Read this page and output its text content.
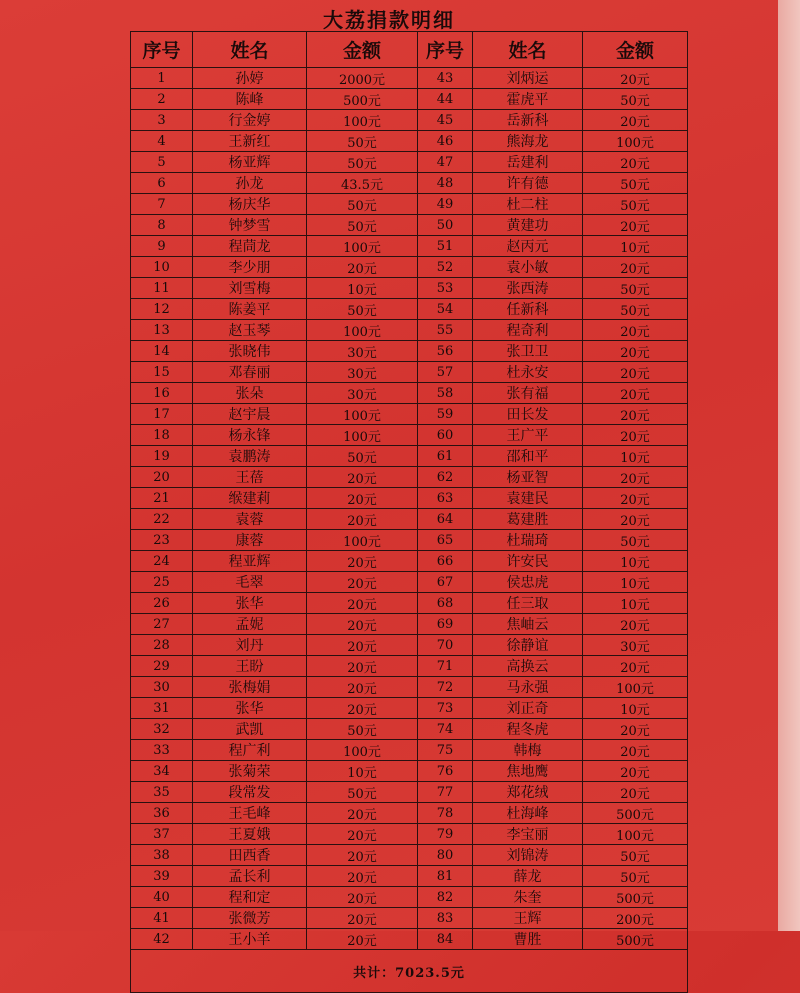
大荔捐款明细
序号	姓名	金额	序号	姓名	金额
1	孙婷	2000元	43	刘炳运	20元
2	陈峰	500元	44	霍虎平	50元
3	行金婷	100元	45	岳新科	20元
4	王新红	50元	46	熊海龙	100元
5	杨亚辉	50元	47	岳建利	20元
6	孙龙	43.5元	48	许有德	50元
7	杨庆华	50元	49	杜二柱	50元
8	钟梦雪	50元	50	黄建功	20元
9	程茼龙	100元	51	赵丙元	10元
10	李少朋	20元	52	袁小敏	20元
11	刘雪梅	10元	53	张西涛	50元
12	陈姜平	50元	54	任新科	50元
13	赵玉琴	100元	55	程奇利	20元
14	张晓伟	30元	56	张卫卫	20元
15	邓春丽	30元	57	杜永安	20元
16	张朵	30元	58	张有福	20元
17	赵宇晨	100元	59	田长发	20元
18	杨永锋	100元	60	王广平	20元
19	袁鹏涛	50元	61	邵和平	10元
20	王蓓	20元	62	杨亚智	20元
21	缑建莉	20元	63	袁建民	20元
22	袁蓉	20元	64	葛建胜	20元
23	康蓉	100元	65	杜瑞琦	50元
24	程亚辉	20元	66	许安民	10元
25	毛翠	20元	67	侯忠虎	10元
26	张华	20元	68	任三取	10元
27	孟妮	20元	69	焦岫云	20元
28	刘丹	20元	70	徐静谊	30元
29	王盼	20元	71	高换云	20元
30	张梅娟	20元	72	马永强	100元
31	张华	20元	73	刘正奇	10元
32	武凯	50元	74	程冬虎	20元
33	程广利	100元	75	韩梅	20元
34	张菊荣	10元	76	焦地鹰	20元
35	段常发	50元	77	郑花绒	20元
36	王毛峰	20元	78	杜海峰	500元
37	王夏娥	20元	79	李宝丽	100元
38	田西香	20元	80	刘锦涛	50元
39	孟长利	20元	81	薛龙	50元
40	程和定	20元	82	朱奎	500元
41	张微芳	20元	83	王辉	200元
42	王小羊	20元	84	曹胜	500元
共计：7023.5元					
